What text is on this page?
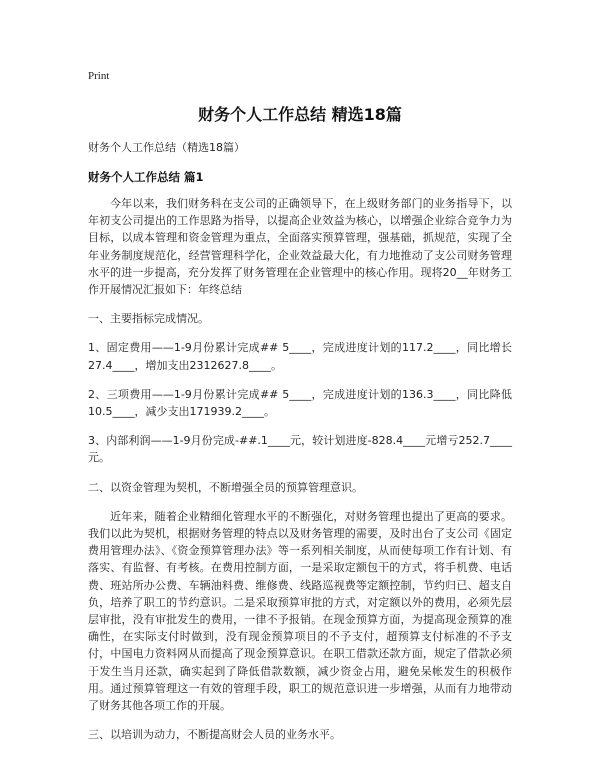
Print
财务个人工作总结 精选18篇
财务个人工作总结（精选18篇）
财务个人工作总结 篇1

今年以来，我们财务科在支公司的正确领导下，在上级财务部门的业务指导下，以年初支公司提出的工作思路为指导，以提高企业效益为核心，以增强企业综合竞争力为目标，以成本管理和资金管理为重点，全面落实预算管理，强基础，抓规范，实现了全年业务制度规范化，经营管理科学化，企业效益最大化，有力地推动了支公司财务管理水平的进一步提高，充分发挥了财务管理在企业管理中的核心作用。现将20__年财务工作开展情况汇报如下：年终总结

一、主要指标完成情况。

1、固定费用——1-9月份累计完成## 5____，完成进度计划的117.2____，同比增长27.4____，增加支出2312627.8____。

2、三项费用——1-9月份累计完成## 5____，完成进度计划的136.3____，同比降低10.5____，减少支出171939.2____。

3、内部利润——1-9月份完成-##.1____元，较计划进度-828.4____元增亏252.7____元。

二、以资金管理为契机，不断增强全员的预算管理意识。

近年来，随着企业精细化管理水平的不断强化，对财务管理也提出了更高的要求。我们以此为契机，根据财务管理的特点以及财务管理的需要，及时出台了支公司《固定费用管理办法》、《资金预算管理办法》等一系列相关制度，从而使每项工作有计划、有落实、有监督、有考核。在费用控制方面，一是采取定额包干的方式，将手机费、电话费、班站所办公费、车辆油料费、维修费、线路巡视费等定额控制，节约归已、超支自负，培养了职工的节约意识。二是采取预算审批的方式，对定额以外的费用，必须先层层审批，没有审批发生的费用，一律不予报销。在现金预算方面，为提高现金预算的准确性，在实际支付时做到，没有现金预算项目的不予支付，超预算支付标准的不予支付，中国电力资料网从而提高了现金预算意识。在职工借款还款方面，规定了借款必须于发生当月还款，确实起到了降低借款数额，减少资金占用，避免呆帐发生的积极作用。通过预算管理这一有效的管理手段，职工的规范意识进一步增强，从而有力地带动了财务其他各项工作的开展。

三、以培训为动力，不断提高财会人员的业务水平。
